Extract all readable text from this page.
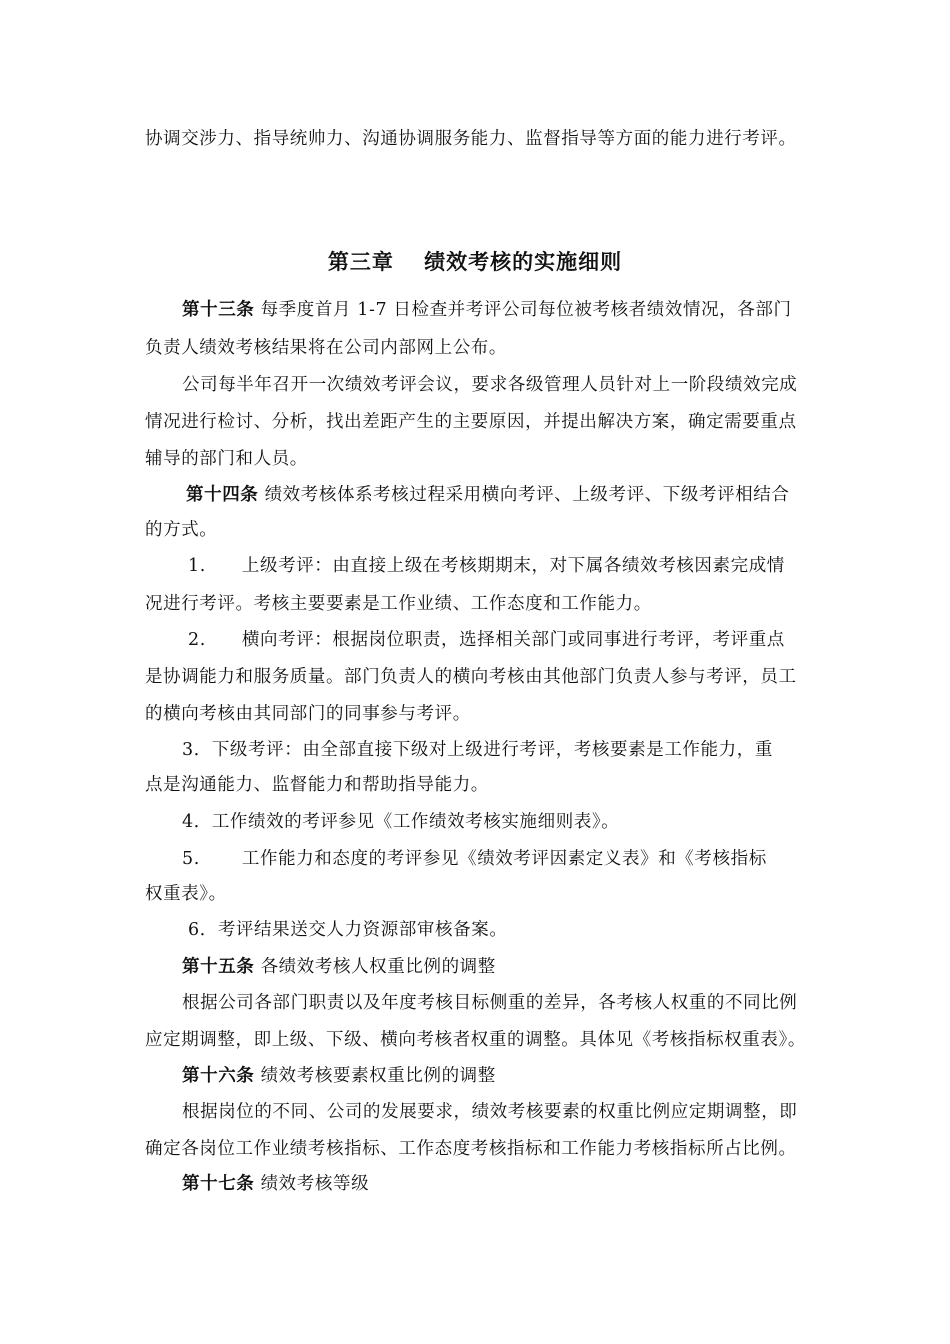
协调交涉力、指导统帅力、沟通协调服务能力、监督指导等方面的能力进行考评。
第三章　 绩效考核的实施细则
第十三条 每季度首月 1-7 日检查并考评公司每位被考核者绩效情况，各部门
负责人绩效考核结果将在公司内部网上公布。
公司每半年召开一次绩效考评会议，要求各级管理人员针对上一阶段绩效完成
情况进行检讨、分析，找出差距产生的主要原因，并提出解决方案，确定需要重点
辅导的部门和人员。
第十四条 绩效考核体系考核过程采用横向考评、上级考评、下级考评相结合
的方式。
1. 上级考评：由直接上级在考核期期末，对下属各绩效考核因素完成情
况进行考评。考核主要要素是工作业绩、工作态度和工作能力。
2. 横向考评：根据岗位职责，选择相关部门或同事进行考评，考评重点
是协调能力和服务质量。部门负责人的横向考核由其他部门负责人参与考评，员工
的横向考核由其同部门的同事参与考评。
3．下级考评：由全部直接下级对上级进行考评，考核要素是工作能力，重
点是沟通能力、监督能力和帮助指导能力。
4．工作绩效的考评参见《工作绩效考核实施细则表》。
5. 工作能力和态度的考评参见《绩效考评因素定义表》和《考核指标
权重表》。
6．考评结果送交人力资源部审核备案。
第十五条 各绩效考核人权重比例的调整
根据公司各部门职责以及年度考核目标侧重的差异，各考核人权重的不同比例
应定期调整，即上级、下级、横向考核者权重的调整。具体见《考核指标权重表》。
第十六条 绩效考核要素权重比例的调整
根据岗位的不同、公司的发展要求，绩效考核要素的权重比例应定期调整，即
确定各岗位工作业绩考核指标、工作态度考核指标和工作能力考核指标所占比例。
第十七条 绩效考核等级
